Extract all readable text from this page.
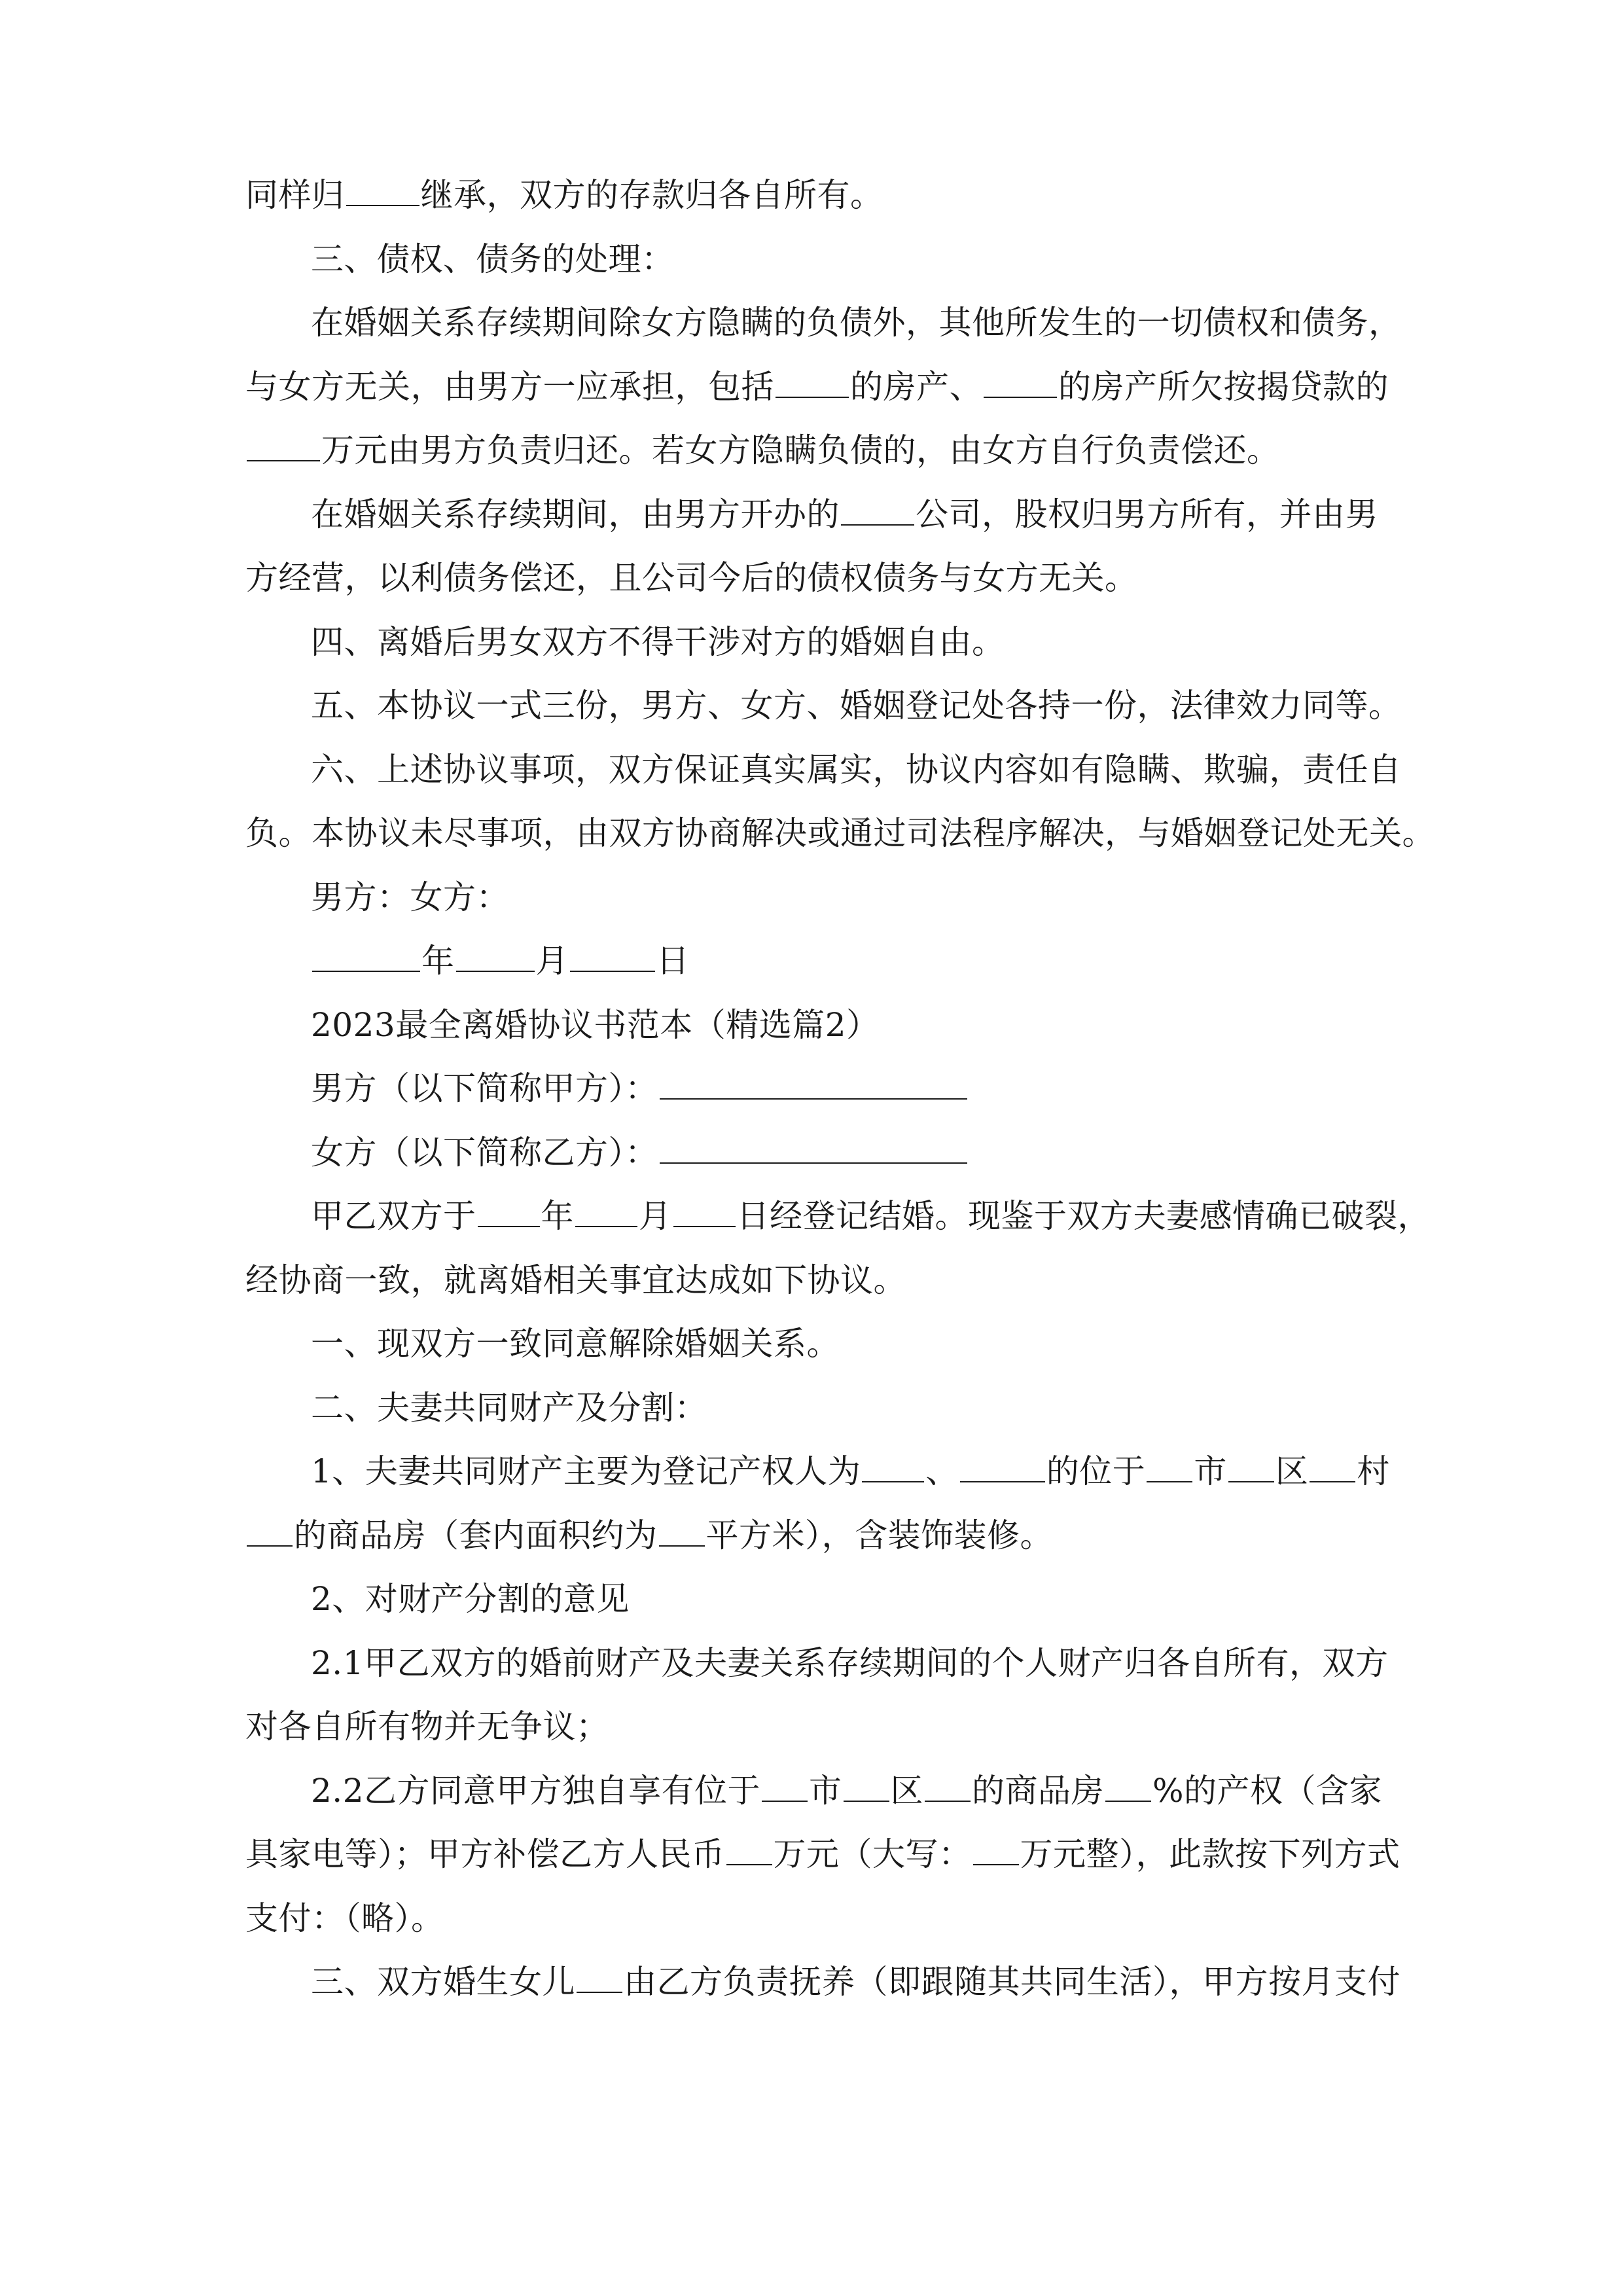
同样归 继承，双方的存款归各自所有。
三、债权、债务的处理：
在婚姻关系存续期间除女方隐瞒的负债外，其他所发生的一切债权和债务，
与女方无关，由男方一应承担，包括 的房产、 的房产所欠按揭贷款的
万元由男方负责归还。若女方隐瞒负债的，由女方自行负责偿还。
在婚姻关系存续期间，由男方开办的 公司，股权归男方所有，并由男
方经营，以利债务偿还，且公司今后的债权债务与女方无关。
四、离婚后男女双方不得干涉对方的婚姻自由。
五、本协议一式三份，男方、女方、婚姻登记处各持一份，法律效力同等。
六、上述协议事项，双方保证真实属实，协议内容如有隐瞒、欺骗，责任自
负。本协议未尽事项，由双方协商解决或通过司法程序解决，与婚姻登记处无关。
男方：女方：
年 月	日
2023最全离婚协议书范本（精选篇2）
男方（以下简称甲方）：
女方（以下简称乙方）：
甲乙双方于 年 月 日经登记结婚。现鉴于双方夫妻感情确已破裂，
经协商一致，就离婚相关事宜达成如下协议。
一、现双方一致同意解除婚姻关系。
二、夫妻共同财产及分割：
1、夫妻共同财产主要为登记产权人为 、	的位于 市 区 村
的商品房（套内面积约为 平方米），含装饰装修。
2、对财产分割的意见
2.1甲乙双方的婚前财产及夫妻关系存续期间的个人财产归各自所有，双方
对各自所有物并无争议；
2.2乙方同意甲方独自享有位于 市 区 的商品房 %的产权（含家
具家电等）；甲方补偿乙方人民币 万元（大写： 万元整），此款按下列方式
支付：（略）。
三、双方婚生女儿 由乙方负责抚养（即跟随其共同生活），甲方按月支付
